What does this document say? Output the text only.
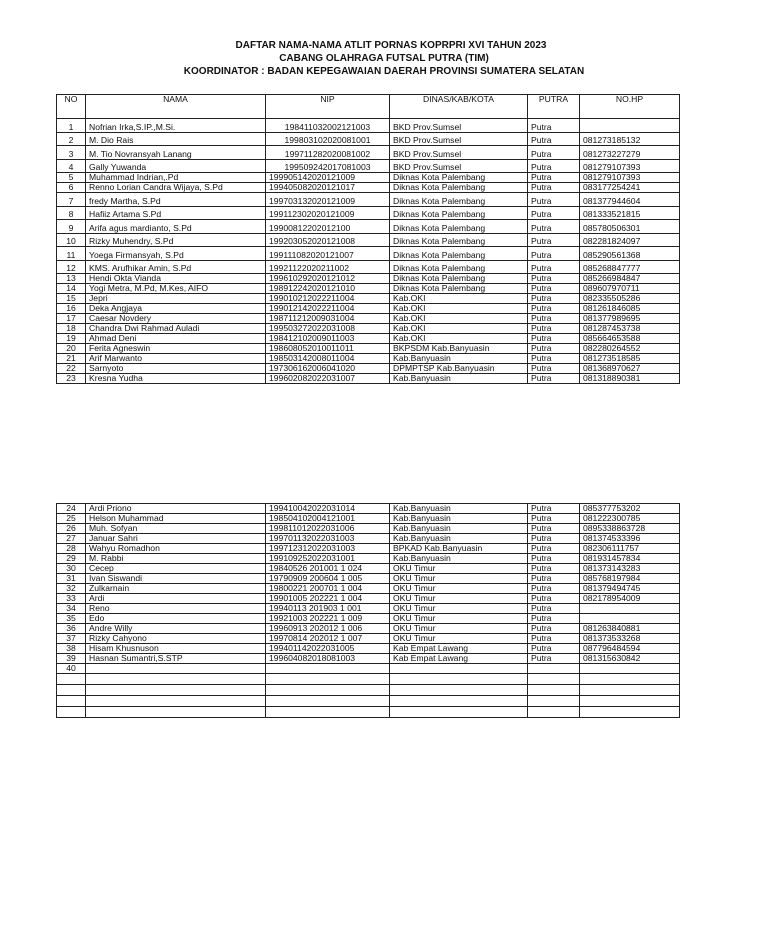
DAFTAR NAMA-NAMA ATLIT PORNAS KOPRPRI XVI TAHUN 2023
CABANG OLAHRAGA FUTSAL PUTRA (TIM)
KOORDINATOR : BADAN KEPEGAWAIAN DAERAH PROVINSI SUMATERA SELATAN
NO	NAMA	NIP	DINAS/KAB/KOTA	PUTRA	NO.HP
1	Nofrian Irka,S.IP.,M.Si.	198411032002121003	BKD Prov.Sumsel	Putra	
2	M. Dio Rais	199803102020081001	BKD Prov.Sumsel	Putra	081273185132
3	M. Tio Novransyah Lanang	199711282020081002	BKD Prov.Sumsel	Putra	081273227279
4	Gally Yuwanda	199509242017081003	BKD Prov.Sumsel	Putra	081279107393
5	Muhammad Indrian,.Pd	199905142020121009	Diknas Kota Palembang	Putra	081279107393
6	Renno Lorian Candra Wijaya, S.Pd	199405082020121017	Diknas Kota Palembang	Putra	083177254241
7	fredy Martha, S.Pd	199703132020121009	Diknas Kota Palembang	Putra	081377944604
8	Hafiiz Artama S.Pd	199112302020121009	Diknas Kota Palembang	Putra	081333521815
9	Arifa agus mardianto, S.Pd	19900812202012100	Diknas Kota Palembang	Putra	085780506301
10	Rizky Muhendry, S.Pd	199203052020121008	Diknas Kota Palembang	Putra	082281824097
11	Yoega Firmansyah, S.Pd	199111082020121007	Diknas Kota Palembang	Putra	085290561368
12	KMS. Arufhikar Amin, S.Pd	19921122020211002	Diknas Kota Palembang	Putra	085268847777
13	Hendi Okta Vianda	199610292020121012	Diknas Kota Palembang	Putra	085266984847
14	Yogi Metra, M.Pd, M.Kes, AIFO	198912242020121010	Diknas Kota Palembang	Putra	089607970711
15	Jepri	199010212022211004	Kab.OKI	Putra	082335505286
16	Deka Angjaya	199012142022211004	Kab.OKI	Putra	081261846085
17	Caesar Novdery	198711212009031004	Kab.OKI	Putra	081377989695
18	Chandra Dwi Rahmad Auladi	199503272022031008	Kab.OKI	Putra	081287453738
19	Ahmad Deni	198412102009011003	Kab.OKI	Putra	085664653588
20	Ferita Agneswin	198608052010011011	BKPSDM Kab.Banyuasin	Putra	082280264552
21	Arif Marwanto	198503142008011004	Kab.Banyuasin	Putra	081273518585
22	Sarnyoto	197306162006041020	DPMPTSP Kab.Banyuasin	Putra	081368970627
23	Kresna Yudha	199602082022031007	Kab.Banyuasin	Putra	081318890381
24	Ardi Priono	199410042022031014	Kab.Banyuasin	Putra	085377753202
25	Helson Muhammad	198504102004121001	Kab.Banyuasin	Putra	081222300785
26	Muh. Sofyan	199811012022031006	Kab.Banyuasin	Putra	0895338863728
27	Januar Sahri	199701132022031003	Kab.Banyuasin	Putra	081374533396
28	Wahyu Romadhon	199712312022031003	BPKAD Kab.Banyuasin	Putra	082306111757
29	M. Rabbi	199109252022031001	Kab.Banyuasin	Putra	081931457834
30	Cecep	19840526 201001 1 024	OKU Timur	Putra	081373143283
31	Ivan Siswandi	19790909 200604 1 005	OKU Timur	Putra	085768197984
32	Zulkarnain	19800221 200701 1 004	OKU Timur	Putra	081379494745
33	Ardi	19901005 202221 1 004	OKU Timur	Putra	082178954009
34	Reno	19940113 201903 1 001	OKU Timur	Putra	
35	Edo	19921003 202221 1 009	OKU Timur	Putra	
36	Andre Willy	19960913 202012 1 006	OKU Timur	Putra	081263840881
37	Rizky Cahyono	19970814 202012 1 007	OKU Timur	Putra	081373533268
38	Hisam Khusnuson	199401142022031005	Kab Empat Lawang	Putra	087796484594
39	Hasnan Sumantri,S.STP	199604082018081003	Kab Empat Lawang	Putra	081315630842
40					
